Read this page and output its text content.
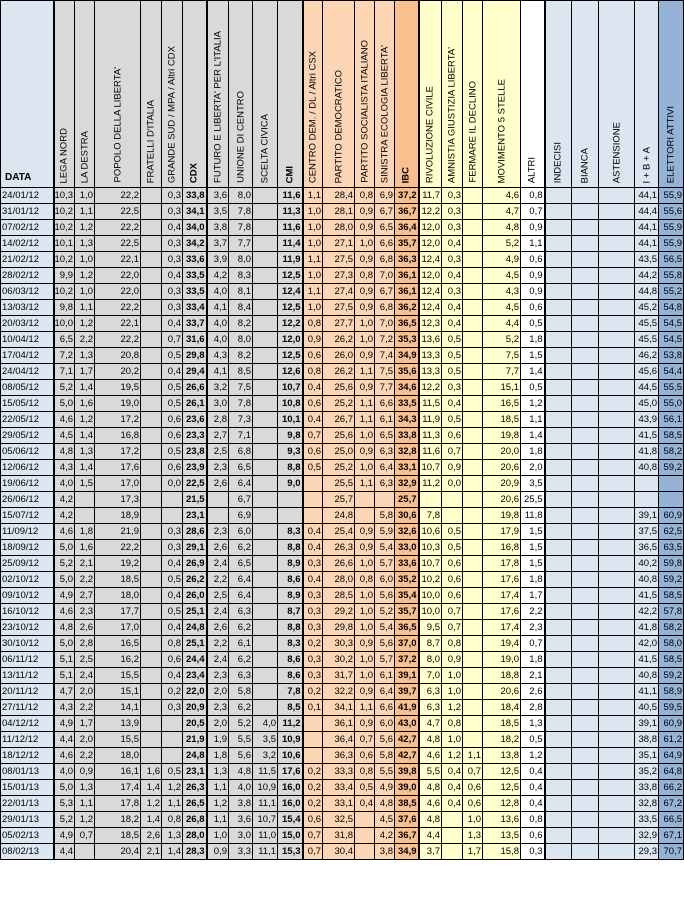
DATA	LEGA NORD	LA DESTRA	POPOLO DELLA LIBERTA'	FRATELLI D'ITALIA	GRANDE SUD / MPA / Altri CDX	CDX	FUTURO E LIBERTA' PER L'ITALIA	UNIONE DI CENTRO	SCELTA CIVICA	CMI	CENTRO DEM. / DL / Altri CSX	PARTITO DEMOCRATICO	PARTITO SOCIALISTA ITALIANO	SINISTRA ECOLOGIA LIBERTA'	IBC	RIVOLUZIONE CIVILE	AMNISTIA GIUSTIZIA LIBERTA'	FERMARE IL DECLINO	MOVIMENTO 5 STELLE	ALTRI	INDECISI	BIANCA	ASTENSIONE	I + B + A	ELETTORI ATTIVI

24/01/12	10,3	1,0	22,2		0,3	33,8	3,6	8,0		11,6	1,1	28,4	0,8	6,9	37,2	11,7	0,3		4,6	0,8				44,1	55,9
31/01/12	10,2	1,1	22,5		0,3	34,1	3,5	7,8		11,3	1,0	28,1	0,9	6,7	36,7	12,2	0,3		4,7	0,7				44,4	55,6
07/02/12	10,2	1,2	22,2		0,4	34,0	3,8	7,8		11,6	1,0	28,0	0,9	6,5	36,4	12,0	0,3		4,8	0,9				44,1	55,9
14/02/12	10,1	1,3	22,5		0,3	34,2	3,7	7,7		11,4	1,0	27,1	1,0	6,6	35,7	12,0	0,4		5,2	1,1				44,1	55,9
21/02/12	10,2	1,0	22,1		0,3	33,6	3,9	8,0		11,9	1,1	27,5	0,9	6,8	36,3	12,4	0,3		4,9	0,6				43,5	56,5
28/02/12	9,9	1,2	22,0		0,4	33,5	4,2	8,3		12,5	1,0	27,3	0,8	7,0	36,1	12,0	0,4		4,5	0,9				44,2	55,8
06/03/12	10,2	1,0	22,0		0,3	33,5	4,0	8,1		12,4	1,1	27,4	0,9	6,7	36,1	12,4	0,3		4,3	0,9				44,8	55,2
13/03/12	9,8	1,1	22,2		0,3	33,4	4,1	8,4		12,5	1,0	27,5	0,9	6,8	36,2	12,4	0,4		4,5	0,6				45,2	54,8
20/03/12	10,0	1,2	22,1		0,4	33,7	4,0	8,2		12,2	0,8	27,7	1,0	7,0	36,5	12,3	0,4		4,4	0,5				45,5	54,5
10/04/12	6,5	2,2	22,2		0,7	31,6	4,0	8,0		12,0	0,9	26,2	1,0	7,2	35,3	13,6	0,5		5,2	1,8				45,5	54,5
17/04/12	7,2	1,3	20,8		0,5	29,8	4,3	8,2		12,5	0,6	26,0	0,9	7,4	34,9	13,3	0,5		7,5	1,5				46,2	53,8
24/04/12	7,1	1,7	20,2		0,4	29,4	4,1	8,5		12,6	0,8	26,2	1,1	7,5	35,6	13,3	0,5		7,7	1,4				45,6	54,4
08/05/12	5,2	1,4	19,5		0,5	26,6	3,2	7,5		10,7	0,4	25,6	0,9	7,7	34,6	12,2	0,3		15,1	0,5				44,5	55,5
15/05/12	5,0	1,6	19,0		0,5	26,1	3,0	7,8		10,8	0,6	25,2	1,1	6,6	33,5	11,5	0,4		16,5	1,2				45,0	55,0
22/05/12	4,6	1,2	17,2		0,6	23,6	2,8	7,3		10,1	0,4	26,7	1,1	6,1	34,3	11,9	0,5		18,5	1,1				43,9	56,1
29/05/12	4,5	1,4	16,8		0,6	23,3	2,7	7,1		9,8	0,7	25,6	1,0	6,5	33,8	11,3	0,6		19,8	1,4				41,5	58,5
05/06/12	4,8	1,3	17,2		0,5	23,8	2,5	6,8		9,3	0,6	25,0	0,9	6,3	32,8	11,6	0,7		20,0	1,8				41,8	58,2
12/06/12	4,3	1,4	17,6		0,6	23,9	2,3	6,5		8,8	0,5	25,2	1,0	6,4	33,1	10,7	0,9		20,6	2,0				40,8	59,2
19/06/12	4,0	1,5	17,0		0,0	22,5	2,6	6,4		9,0		25,5	1,1	6,3	32,9	11,2	0,0		20,9	3,5					
26/06/12	4,2		17,3			21,5		6,7				25,7			25,7				20,6	25,5					
15/07/12	4,2		18,9			23,1		6,9				24,8		5,8	30,6	7,8			19,8	11,8				39,1	60,9
11/09/12	4,6	1,8	21,9		0,3	28,6	2,3	6,0		8,3	0,4	25,4	0,9	5,9	32,6	10,6	0,5		17,9	1,5				37,5	62,5
18/09/12	5,0	1,6	22,2		0,3	29,1	2,6	6,2		8,8	0,4	26,3	0,9	5,4	33,0	10,3	0,5		16,8	1,5				36,5	63,5
25/09/12	5,2	2,1	19,2		0,4	26,9	2,4	6,5		8,9	0,3	26,6	1,0	5,7	33,6	10,7	0,6		17,8	1,5				40,2	59,8
02/10/12	5,0	2,2	18,5		0,5	26,2	2,2	6,4		8,6	0,4	28,0	0,8	6,0	35,2	10,2	0,6		17,6	1,8				40,8	59,2
09/10/12	4,9	2,7	18,0		0,4	26,0	2,5	6,4		8,9	0,3	28,5	1,0	5,6	35,4	10,0	0,6		17,4	1,7				41,5	58,5
16/10/12	4,6	2,3	17,7		0,5	25,1	2,4	6,3		8,7	0,3	29,2	1,0	5,2	35,7	10,0	0,7		17,6	2,2				42,2	57,8
23/10/12	4,8	2,6	17,0		0,4	24,8	2,6	6,2		8,8	0,3	29,8	1,0	5,4	36,5	9,5	0,7		17,4	2,3				41,8	58,2
30/10/12	5,0	2,8	16,5		0,8	25,1	2,2	6,1		8,3	0,2	30,3	0,9	5,6	37,0	8,7	0,8		19,4	0,7				42,0	58,0
06/11/12	5,1	2,5	16,2		0,6	24,4	2,4	6,2		8,6	0,3	30,2	1,0	5,7	37,2	8,0	0,9		19,0	1,8				41,5	58,5
13/11/12	5,1	2,4	15,5		0,4	23,4	2,3	6,3		8,6	0,3	31,7	1,0	6,1	39,1	7,0	1,0		18,8	2,1				40,8	59,2
20/11/12	4,7	2,0	15,1		0,2	22,0	2,0	5,8		7,8	0,2	32,2	0,9	6,4	39,7	6,3	1,0		20,6	2,6				41,1	58,9
27/11/12	4,3	2,2	14,1		0,3	20,9	2,3	6,2		8,5	0,1	34,1	1,1	6,6	41,9	6,3	1,2		18,4	2,8				40,5	59,5
04/12/12	4,9	1,7	13,9			20,5	2,0	5,2	4,0	11,2		36,1	0,9	6,0	43,0	4,7	0,8		18,5	1,3				39,1	60,9
11/12/12	4,4	2,0	15,5			21,9	1,9	5,5	3,5	10,9		36,4	0,7	5,6	42,7	4,8	1,0		18,2	0,5				38,8	61,2
18/12/12	4,6	2,2	18,0			24,8	1,8	5,6	3,2	10,6		36,3	0,6	5,8	42,7	4,6	1,2	1,1	13,8	1,2				35,1	64,9
08/01/13	4,0	0,9	16,1	1,6	0,5	23,1	1,3	4,8	11,5	17,6	0,2	33,3	0,8	5,5	39,8	5,5	0,4	0,7	12,5	0,4				35,2	64,8
15/01/13	5,0	1,3	17,4	1,4	1,2	26,3	1,1	4,0	10,9	16,0	0,2	33,4	0,5	4,9	39,0	4,8	0,4	0,6	12,5	0,4				33,8	66,2
22/01/13	5,3	1,1	17,8	1,2	1,1	26,5	1,2	3,8	11,1	16,0	0,2	33,1	0,4	4,8	38,5	4,6	0,4	0,6	12,8	0,4				32,8	67,2
29/01/13	5,2	1,2	18,2	1,4	0,8	26,8	1,1	3,6	10,7	15,4	0,6	32,5		4,5	37,6	4,8		1,0	13,6	0,8				33,5	66,5
05/02/13	4,9	0,7	18,5	2,6	1,3	28,0	1,0	3,0	11,0	15,0	0,7	31,8		4,2	36,7	4,4		1,3	13,5	0,6				32,9	67,1
08/02/13	4,4		20,4	2,1	1,4	28,3	0,9	3,3	11,1	15,3	0,7	30,4		3,8	34,9	3,7		1,7	15,8	0,3				29,3	70,7
